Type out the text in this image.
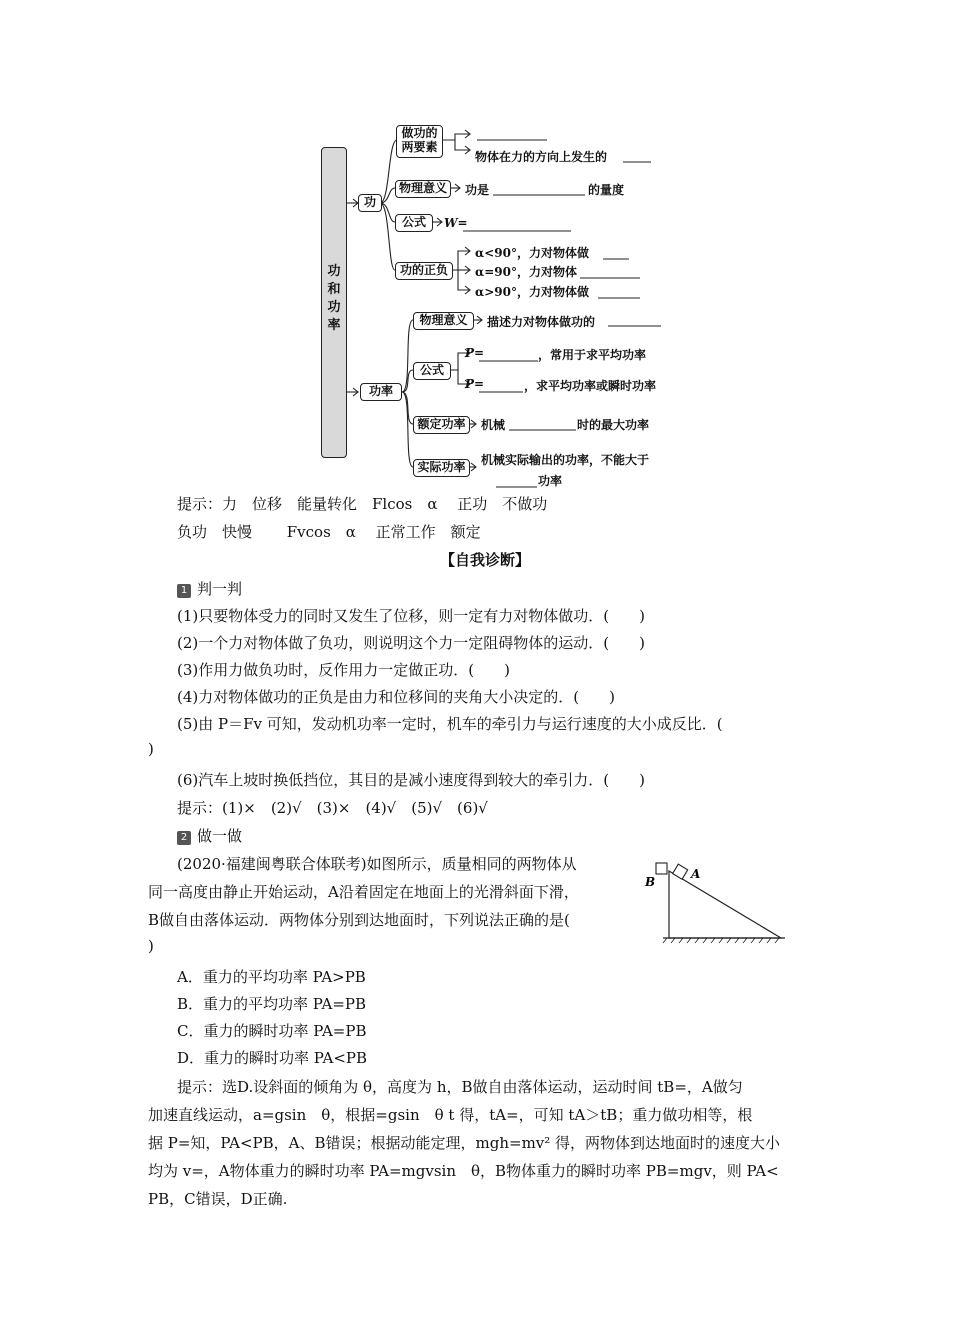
功
和
功
率
功
做功的
两要素
物体在力的方向上发生的
物理意义	功是	的量度
公式	W=
功的正负
α<90°，力对物体做
α=90°，力对物体
α>90°，力对物体做
功率
物理意义	描述力对物体做功的
公式
P=	，常用于求平均功率
P=	，求平均功率或瞬时功率
额定功率	机械	时的最大功率
实际功率	机械实际输出的功率，不能大于
功率
提示：力　位移　能量转化　Flcos　α　 正功　不做功
负功　快慢　　 Fvcos　α　 正常工作　额定
【自我诊断】
1 判一判
(1)只要物体受力的同时又发生了位移，则一定有力对物体做功．(　　)
(2)一个力对物体做了负功，则说明这个力一定阻碍物体的运动．(　　)
(3)作用力做负功时，反作用力一定做正功．(　　)
(4)力对物体做功的正负是由力和位移间的夹角大小决定的．(　　)
(5)由 P＝Fv 可知，发动机功率一定时，机车的牵引力与运行速度的大小成反比．(
)
(6)汽车上坡时换低挡位，其目的是减小速度得到较大的牵引力．(　　)
提示：(1)×　(2)√　(3)×　(4)√　(5)√　(6)√
2 做一做
(2020·福建闽粤联合体联考)如图所示，质量相同的两物体从
同一高度由静止开始运动，A沿着固定在地面上的光滑斜面下滑，
B做自由落体运动．两物体分别到达地面时，下列说法正确的是(
)
B
A
A．重力的平均功率 PA>PB
B．重力的平均功率 PA=PB
C．重力的瞬时功率 PA=PB
D．重力的瞬时功率 PA<PB
提示：选D.设斜面的倾角为 θ，高度为 h，B做自由落体运动，运动时间 tB=，A做匀
加速直线运动，a=gsin　θ，根据=gsin　θ t 得，tA=，可知 tA＞tB；重力做功相等，根
据 P=知，PA<PB，A、B错误；根据动能定理，mgh=mv² 得，两物体到达地面时的速度大小
均为 v=，A物体重力的瞬时功率 PA=mgvsin　θ，B物体重力的瞬时功率 PB=mgv，则 PA<
PB，C错误，D正确.
